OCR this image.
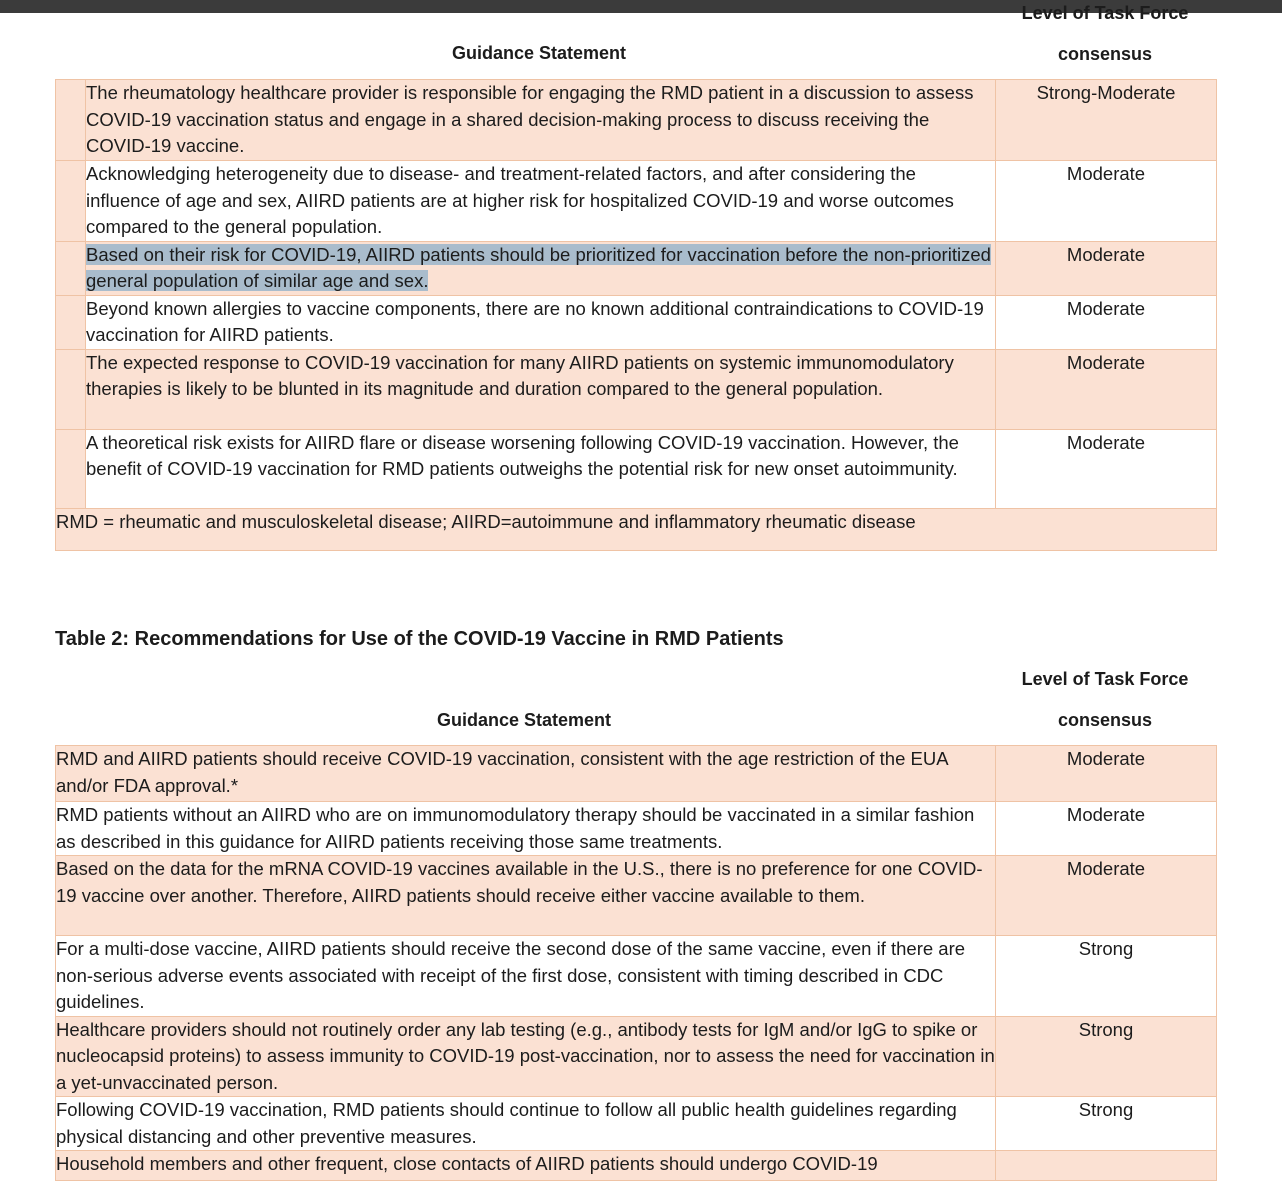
Level of Task Force
consensus
Guidance Statement
	The rheumatology healthcare provider is responsible for engaging the RMD patient in a discussion to assess COVID-19 vaccination status and engage in a shared decision-making process to discuss receiving the COVID-19 vaccine.	Strong-Moderate
	Acknowledging heterogeneity due to disease- and treatment-related factors, and after considering the influence of age and sex, AIIRD patients are at higher risk for hospitalized COVID-19 and worse outcomes compared to the general population.	Moderate
	Based on their risk for COVID-19, AIIRD patients should be prioritized for vaccination before the non-prioritized general population of similar age and sex.	Moderate
	Beyond known allergies to vaccine components, there are no known additional contraindications to COVID-19 vaccination for AIIRD patients.	Moderate
	The expected response to COVID-19 vaccination for many AIIRD patients on systemic immunomodulatory therapies is likely to be blunted in its magnitude and duration compared to the general population.	Moderate
	A theoretical risk exists for AIIRD flare or disease worsening following COVID-19 vaccination. However, the benefit of COVID-19 vaccination for RMD patients outweighs the potential risk for new onset autoimmunity.	Moderate
RMD = rheumatic and musculoskeletal disease; AIIRD=autoimmune and inflammatory rheumatic disease		
Table 2: Recommendations for Use of the COVID-19 Vaccine in RMD Patients
Level of Task Force
consensus
Guidance Statement
RMD and AIIRD patients should receive COVID-19 vaccination, consistent with the age restriction of the EUA and/or FDA approval.*	Moderate
RMD patients without an AIIRD who are on immunomodulatory therapy should be vaccinated in a similar fashion as described in this guidance for AIIRD patients receiving those same treatments.	Moderate
Based on the data for the mRNA COVID-19 vaccines available in the U.S., there is no preference for one COVID-19 vaccine over another. Therefore, AIIRD patients should receive either vaccine available to them.	Moderate
For a multi-dose vaccine, AIIRD patients should receive the second dose of the same vaccine, even if there are non-serious adverse events associated with receipt of the first dose, consistent with timing described in CDC guidelines.	Strong
Healthcare providers should not routinely order any lab testing (e.g., antibody tests for IgM and/or IgG to spike or nucleocapsid proteins) to assess immunity to COVID-19 post-vaccination, nor to assess the need for vaccination in a yet-unvaccinated person.	Strong
Following COVID-19 vaccination, RMD patients should continue to follow all public health guidelines regarding physical distancing and other preventive measures.	Strong
Household members and other frequent, close contacts of AIIRD patients should undergo COVID-19	
